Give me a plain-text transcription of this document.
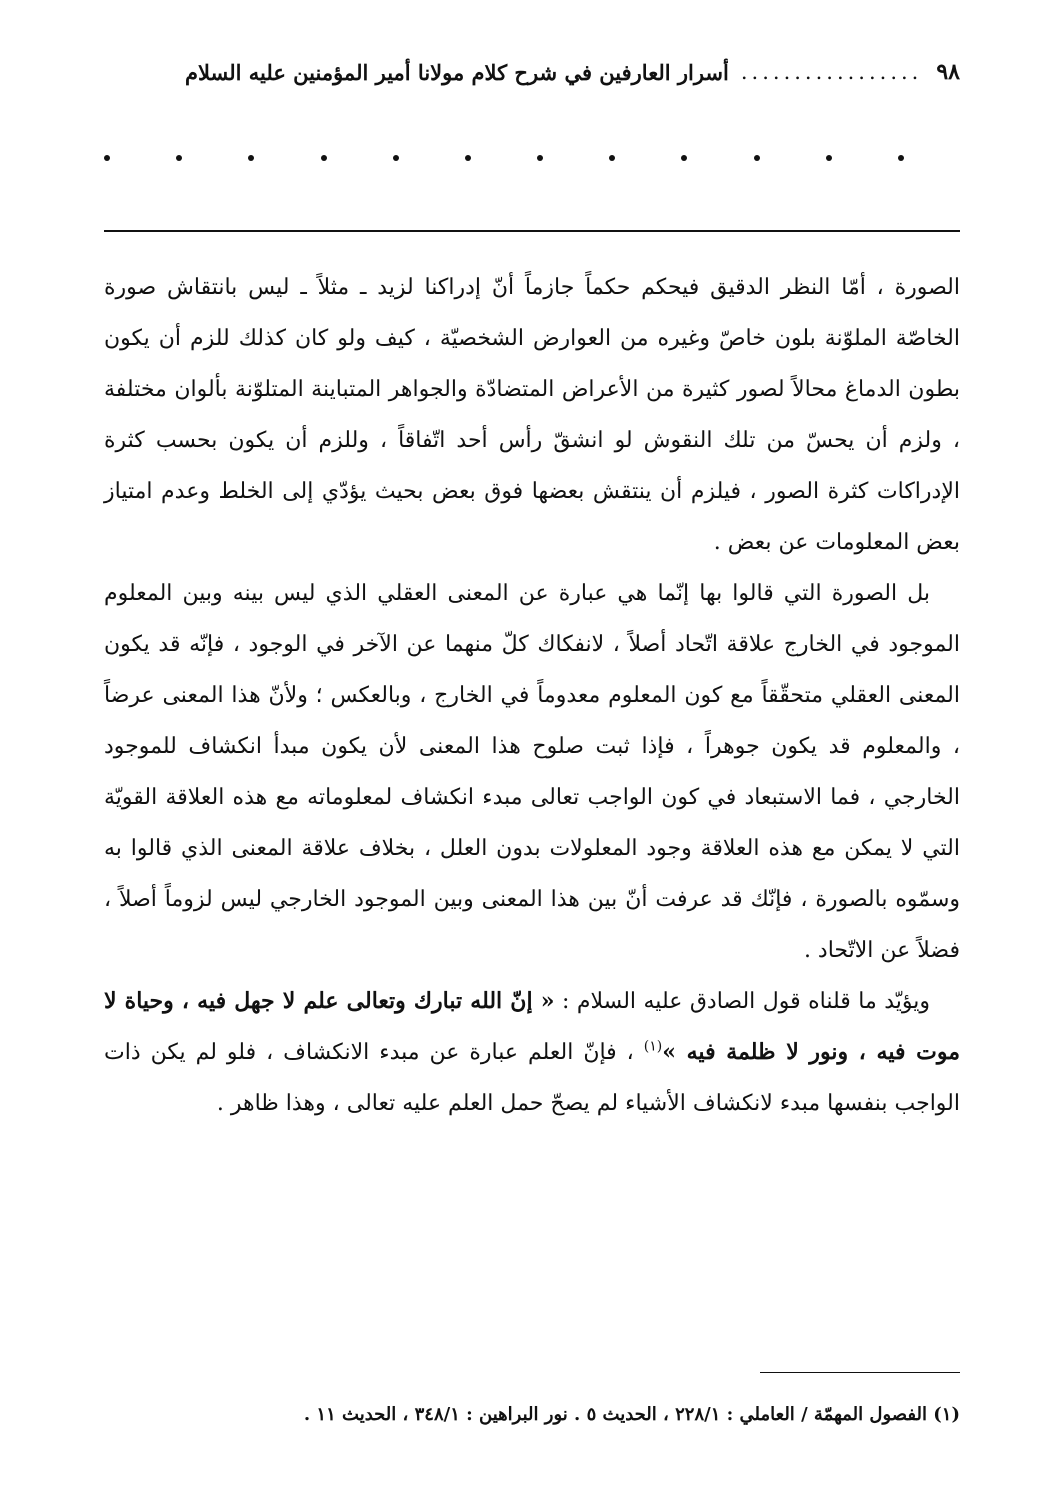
٩٨
.................
أسرار العارفين في شرح كلام مولانا أمير المؤمنين عليه السلام

الصورة ، أمّا النظر الدقيق فيحكم حكماً جازماً أنّ إدراكنا لزيد ـ مثلاً ـ ليس بانتقاش صورة الخاصّة الملوّنة بلون خاصّ وغيره من العوارض الشخصيّة ، كيف ولو كان كذلك للزم أن يكون بطون الدماغ محالاً لصور كثيرة من الأعراض المتضادّة والجواهر المتباينة المتلوّنة بألوان مختلفة ، ولزم أن يحسّ من تلك النقوش لو انشقّ رأس أحد اتّفاقاً ، وللزم أن يكون بحسب كثرة الإدراكات كثرة الصور ، فيلزم أن ينتقش بعضها فوق بعض بحيث يؤدّي إلى الخلط وعدم امتياز بعض المعلومات عن بعض .

بل الصورة التي قالوا بها إنّما هي عبارة عن المعنى العقلي الذي ليس بينه وبين المعلوم الموجود في الخارج علاقة اتّحاد أصلاً ، لانفكاك كلّ منهما عن الآخر في الوجود ، فإنّه قد يكون المعنى العقلي متحقّقاً مع كون المعلوم معدوماً في الخارج ، وبالعكس ؛ ولأنّ هذا المعنى عرضاً ، والمعلوم قد يكون جوهراً ، فإذا ثبت صلوح هذا المعنى لأن يكون مبدأ انكشاف للموجود الخارجي ، فما الاستبعاد في كون الواجب تعالى مبدء انكشاف لمعلوماته مع هذه العلاقة القويّة التي لا يمكن مع هذه العلاقة وجود المعلولات بدون العلل ، بخلاف علاقة المعنى الذي قالوا به وسمّوه بالصورة ، فإنّك قد عرفت أنّ بين هذا المعنى وبين الموجود الخارجي ليس لزوماً أصلاً ، فضلاً عن الاتّحاد .

ويؤيّد ما قلناه قول الصادق عليه السلام : « إنّ الله تبارك وتعالى علم لا جهل فيه ، وحياة لا موت فيه ، ونور لا ظلمة فيه »$^{(١)}$ ، فإنّ العلم عبارة عن مبدء الانكشاف ، فلو لم يكن ذات الواجب بنفسها مبدء لانكشاف الأشياء لم يصحّ حمل العلم عليه تعالى ، وهذا ظاهر .

(١) الفصول المهمّة / العاملي : ٢٢٨/١ ، الحديث ٥ . نور البراهين : ٣٤٨/١ ، الحديث ١١ .
